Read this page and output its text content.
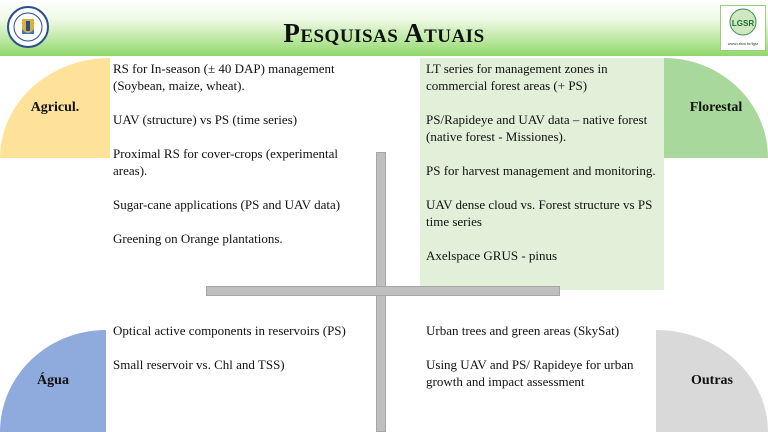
Pesquisas Atuais	LGSR
www.ufsm.br/lgsr
Agricul.	Florestal
Água	Outras

RS for In-season (± 40 DAP) management (Soybean, maize, wheat).

UAV (structure) vs PS (time series)

Proximal RS for cover-crops (experimental areas).

Sugar-cane applications (PS and UAV data)

Greening on Orange plantations.

LT series for management zones in commercial forest areas (+ PS)

PS/Rapideye and UAV data – native forest (native forest - Missiones).

PS for harvest management and monitoring.

UAV dense cloud vs. Forest structure vs PS time series

Axelspace GRUS - pinus

Optical active components in reservoirs (PS)

Small reservoir vs. Chl and TSS)

Urban trees and green areas (SkySat)

Using UAV and PS/ Rapideye for urban growth and impact assessment
